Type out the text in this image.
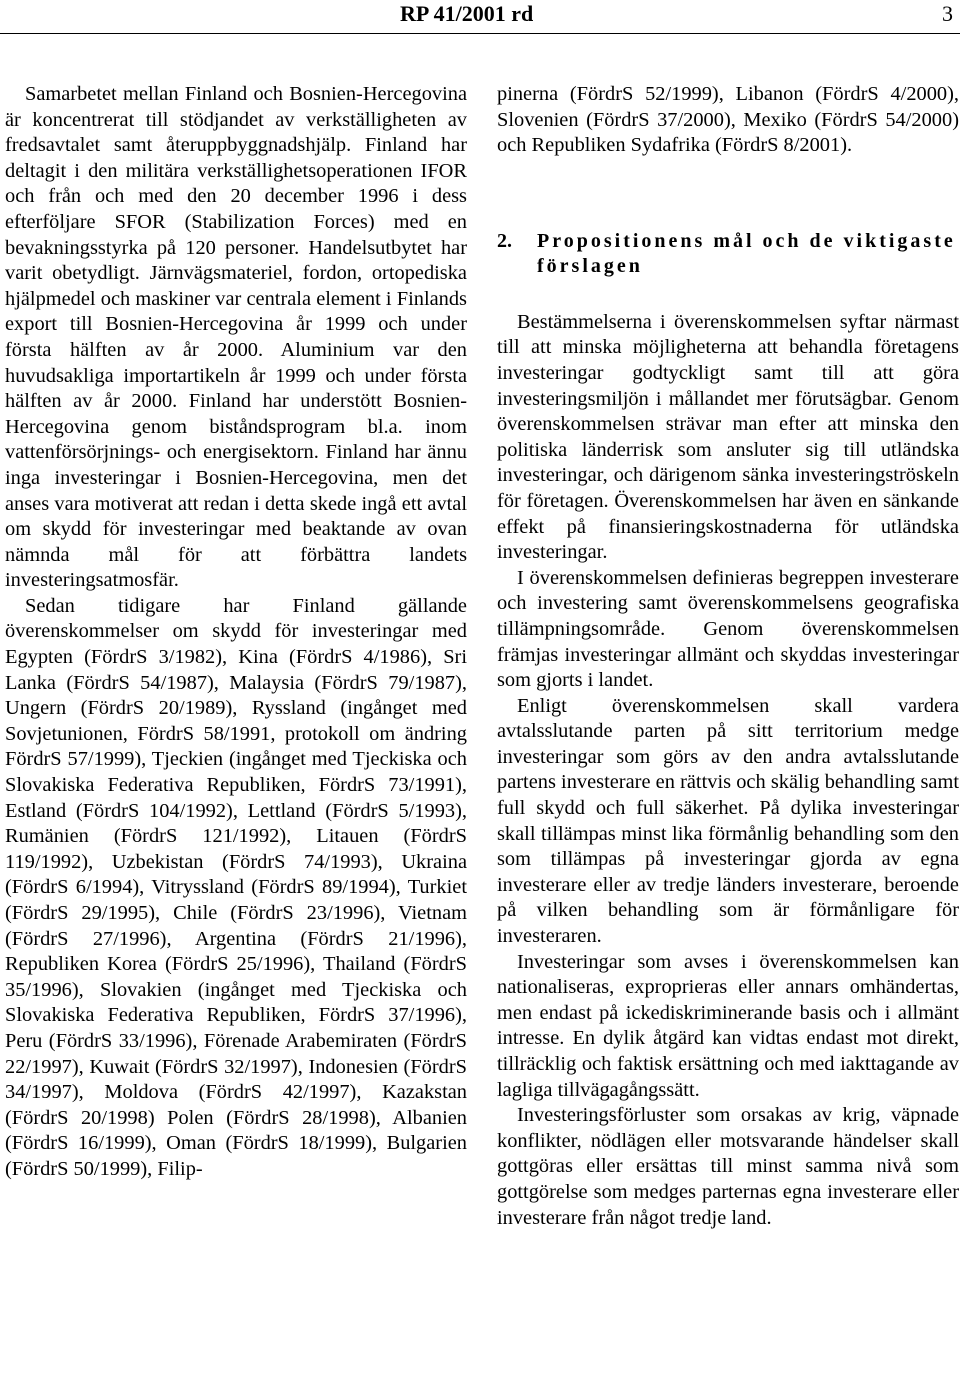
RP 41/2001 rd	3

Samarbetet mellan Finland och Bosnien-Hercegovina är koncentrerat till stödjandet av verkställigheten av fredsavtalet samt återuppbyggnadshjälp. Finland har deltagit i den militära verkställighetsoperationen IFOR och från och med den 20 december 1996 i dess efterföljare SFOR (Stabilization Forces) med en bevakningsstyrka på 120 personer. Handelsutbytet har varit obetydligt. Järnvägsmateriel, fordon, ortopediska hjälpmedel och maskiner var centrala element i Finlands export till Bosnien-Hercegovina år 1999 och under första hälften av år 2000. Aluminium var den huvudsakliga importartikeln år 1999 och under första hälften av år 2000. Finland har understött Bosnien-Hercegovina genom biståndsprogram bl.a. inom vattenförsörjnings- och energisektorn. Finland har ännu inga investeringar i Bosnien-Hercegovina, men det anses vara motiverat att redan i detta skede ingå ett avtal om skydd för investeringar med beaktande av ovan nämnda mål för att förbättra landets investeringsatmosfär.

Sedan tidigare har Finland gällande överenskommelser om skydd för investeringar med Egypten (FördrS 3/1982), Kina (FördrS 4/1986), Sri Lanka (FördrS 54/1987), Malaysia (FördrS 79/1987), Ungern (FördrS 20/1989), Ryssland (ingånget med Sovjetunionen, FördrS 58/1991, protokoll om ändring FördrS 57/1999), Tjeckien (ingånget med Tjeckiska och Slovakiska Federativa Republiken, FördrS 73/1991), Estland (FördrS 104/1992), Lettland (FördrS 5/1993), Rumänien (FördrS 121/1992), Litauen (FördrS 119/1992), Uzbekistan (FördrS 74/1993), Ukraina (FördrS 6/1994), Vitryssland (FördrS 89/1994), Turkiet (FördrS 29/1995), Chile (FördrS 23/1996), Vietnam (FördrS 27/1996), Argentina (FördrS 21/1996), Republiken Korea (FördrS 25/1996), Thailand (FördrS 35/1996), Slovakien (ingånget med Tjeckiska och Slovakiska Federativa Republiken, FördrS 37/1996), Peru (FördrS 33/1996), Förenade Arabemiraten (FördrS 22/1997), Kuwait (FördrS 32/1997), Indonesien (FördrS 34/1997), Moldova (FördrS 42/1997), Kazakstan (FördrS 20/1998) Polen (FördrS 28/1998), Albanien (FördrS 16/1999), Oman (FördrS 18/1999), Bulgarien (FördrS 50/1999), Filip-

pinerna (FördrS 52/1999), Libanon (FördrS 4/2000), Slovenien (FördrS 37/2000), Mexiko (FördrS 54/2000) och Republiken Sydafrika (FördrS 8/2001).

2.	Propositionens mål och de viktigaste förslagen

Bestämmelserna i överenskommelsen syftar närmast till att minska möjligheterna att behandla företagens investeringar godtyckligt samt till att göra investeringsmiljön i mållandet mer förutsägbar. Genom överenskommelsen strävar man efter att minska den politiska länderrisk som ansluter sig till utländska investeringar, och därigenom sänka investeringströskeln för företagen. Överenskommelsen har även en sänkande effekt på finansieringskostnaderna för utländska investeringar.

I överenskommelsen definieras begreppen investerare och investering samt överenskommelsens geografiska tillämpningsområde. Genom överenskommelsen främjas investeringar allmänt och skyddas investeringar som gjorts i landet.

Enligt överenskommelsen skall vardera avtalsslutande parten på sitt territorium medge investeringar som görs av den andra avtalsslutande partens investerare en rättvis och skälig behandling samt full skydd och full säkerhet. På dylika investeringar skall tillämpas minst lika förmånlig behandling som den som tillämpas på investeringar gjorda av egna investerare eller av tredje länders investerare, beroende på vilken behandling som är förmånligare för investeraren.

Investeringar som avses i överenskommelsen kan nationaliseras, exproprieras eller annars omhändertas, men endast på ickediskriminerande basis och i allmänt intresse. En dylik åtgärd kan vidtas endast mot direkt, tillräcklig och faktisk ersättning och med iakttagande av lagliga tillvägagångssätt.

Investeringsförluster som orsakas av krig, väpnade konflikter, nödlägen eller motsvarande händelser skall gottgöras eller ersättas till minst samma nivå som gottgörelse som medges parternas egna investerare eller investerare från något tredje land.
